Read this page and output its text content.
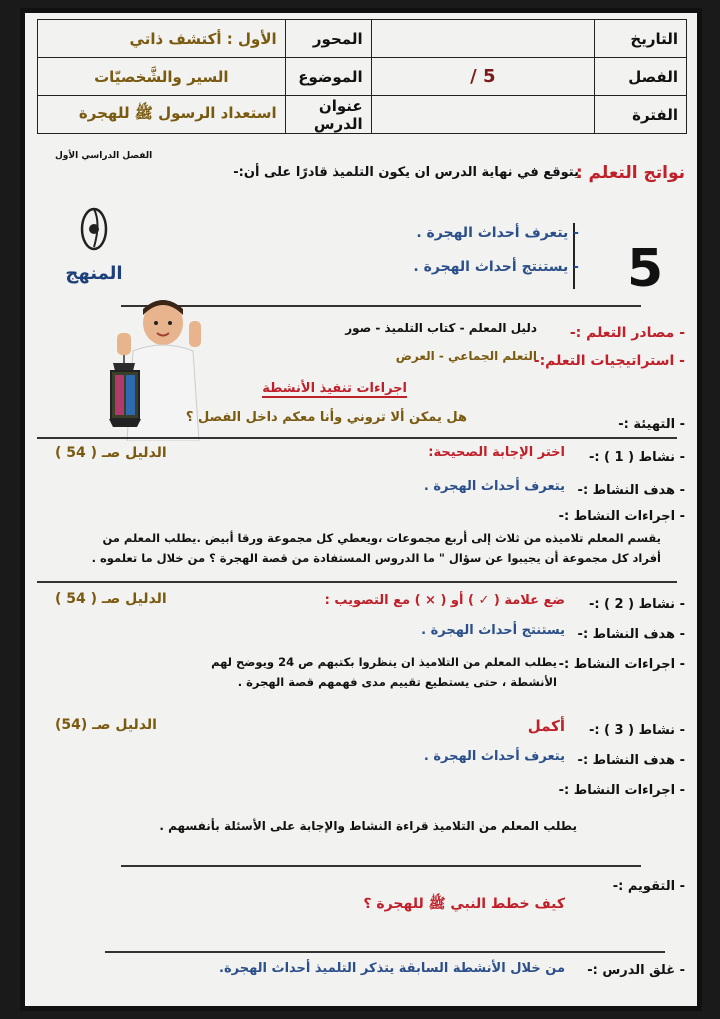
التاريخ		المحور	الأول : أكتشف ذاتي
الفصل	5 /	الموضوع	السير والشَّخصيّات
الفترة		عنوان الدرس	استعداد الرسول ﷺ للهجرة
الفصل الدراسي الأول
نواتج التعلم :
يتوقع في نهاية الدرس ان يكون التلميذ قادرًا على أن:-
5
- يتعرف أحداث الهجرة .
- يستنتج أحداث الهجرة .
المنهج
- مصادر التعلم :-
دليل المعلم - كتاب التلميذ - صور
- استراتيجيات التعلم:-
التعلم الجماعي - العرض
اجراءات تنفيذ الأنشطة
- التهيئة :-
هل يمكن ألا تروني وأنا معكم داخل الفصل ؟
- نشاط ( 1 ) :-
اختر الإجابة الصحيحة:
الدليل صـ ( 54 )
- هدف النشاط :-
يتعرف أحداث الهجرة .
- اجراءات النشاط :-
يقسم المعلم تلاميذه من ثلاث إلى أربع مجموعات ،ويعطي كل مجموعة ورقا أبيض .يطلب المعلم من
أفراد كل مجموعة أن يجيبوا عن سؤال " ما الدروس المستفادة من قصة الهجرة ؟ من خلال ما تعلموه .
- نشاط ( 2 ) :-
ضع علامة ( ✓ ) أو ( × ) مع التصويب :
الدليل صـ ( 54 )
- هدف النشاط :-
يستنتج أحداث الهجرة .
- اجراءات النشاط :-
يطلب المعلم من التلاميذ ان ينظروا بكتبهم ص 24 ويوضح لهم
الأنشطة ، حتى يستطيع تقييم مدى فهمهم قصة الهجرة .
- نشاط ( 3 ) :-
أكمل
الدليل صـ (54)
- هدف النشاط :-
يتعرف أحداث الهجرة .
- اجراءات النشاط :-
يطلب المعلم من التلاميذ قراءة النشاط والإجابة على الأسئلة بأنفسهم .
- التقويم :-
كيف خطط النبي ﷺ للهجرة ؟
- غلق الدرس :-
من خلال الأنشطة السابقة يتذكر التلميذ أحداث الهجرة.
